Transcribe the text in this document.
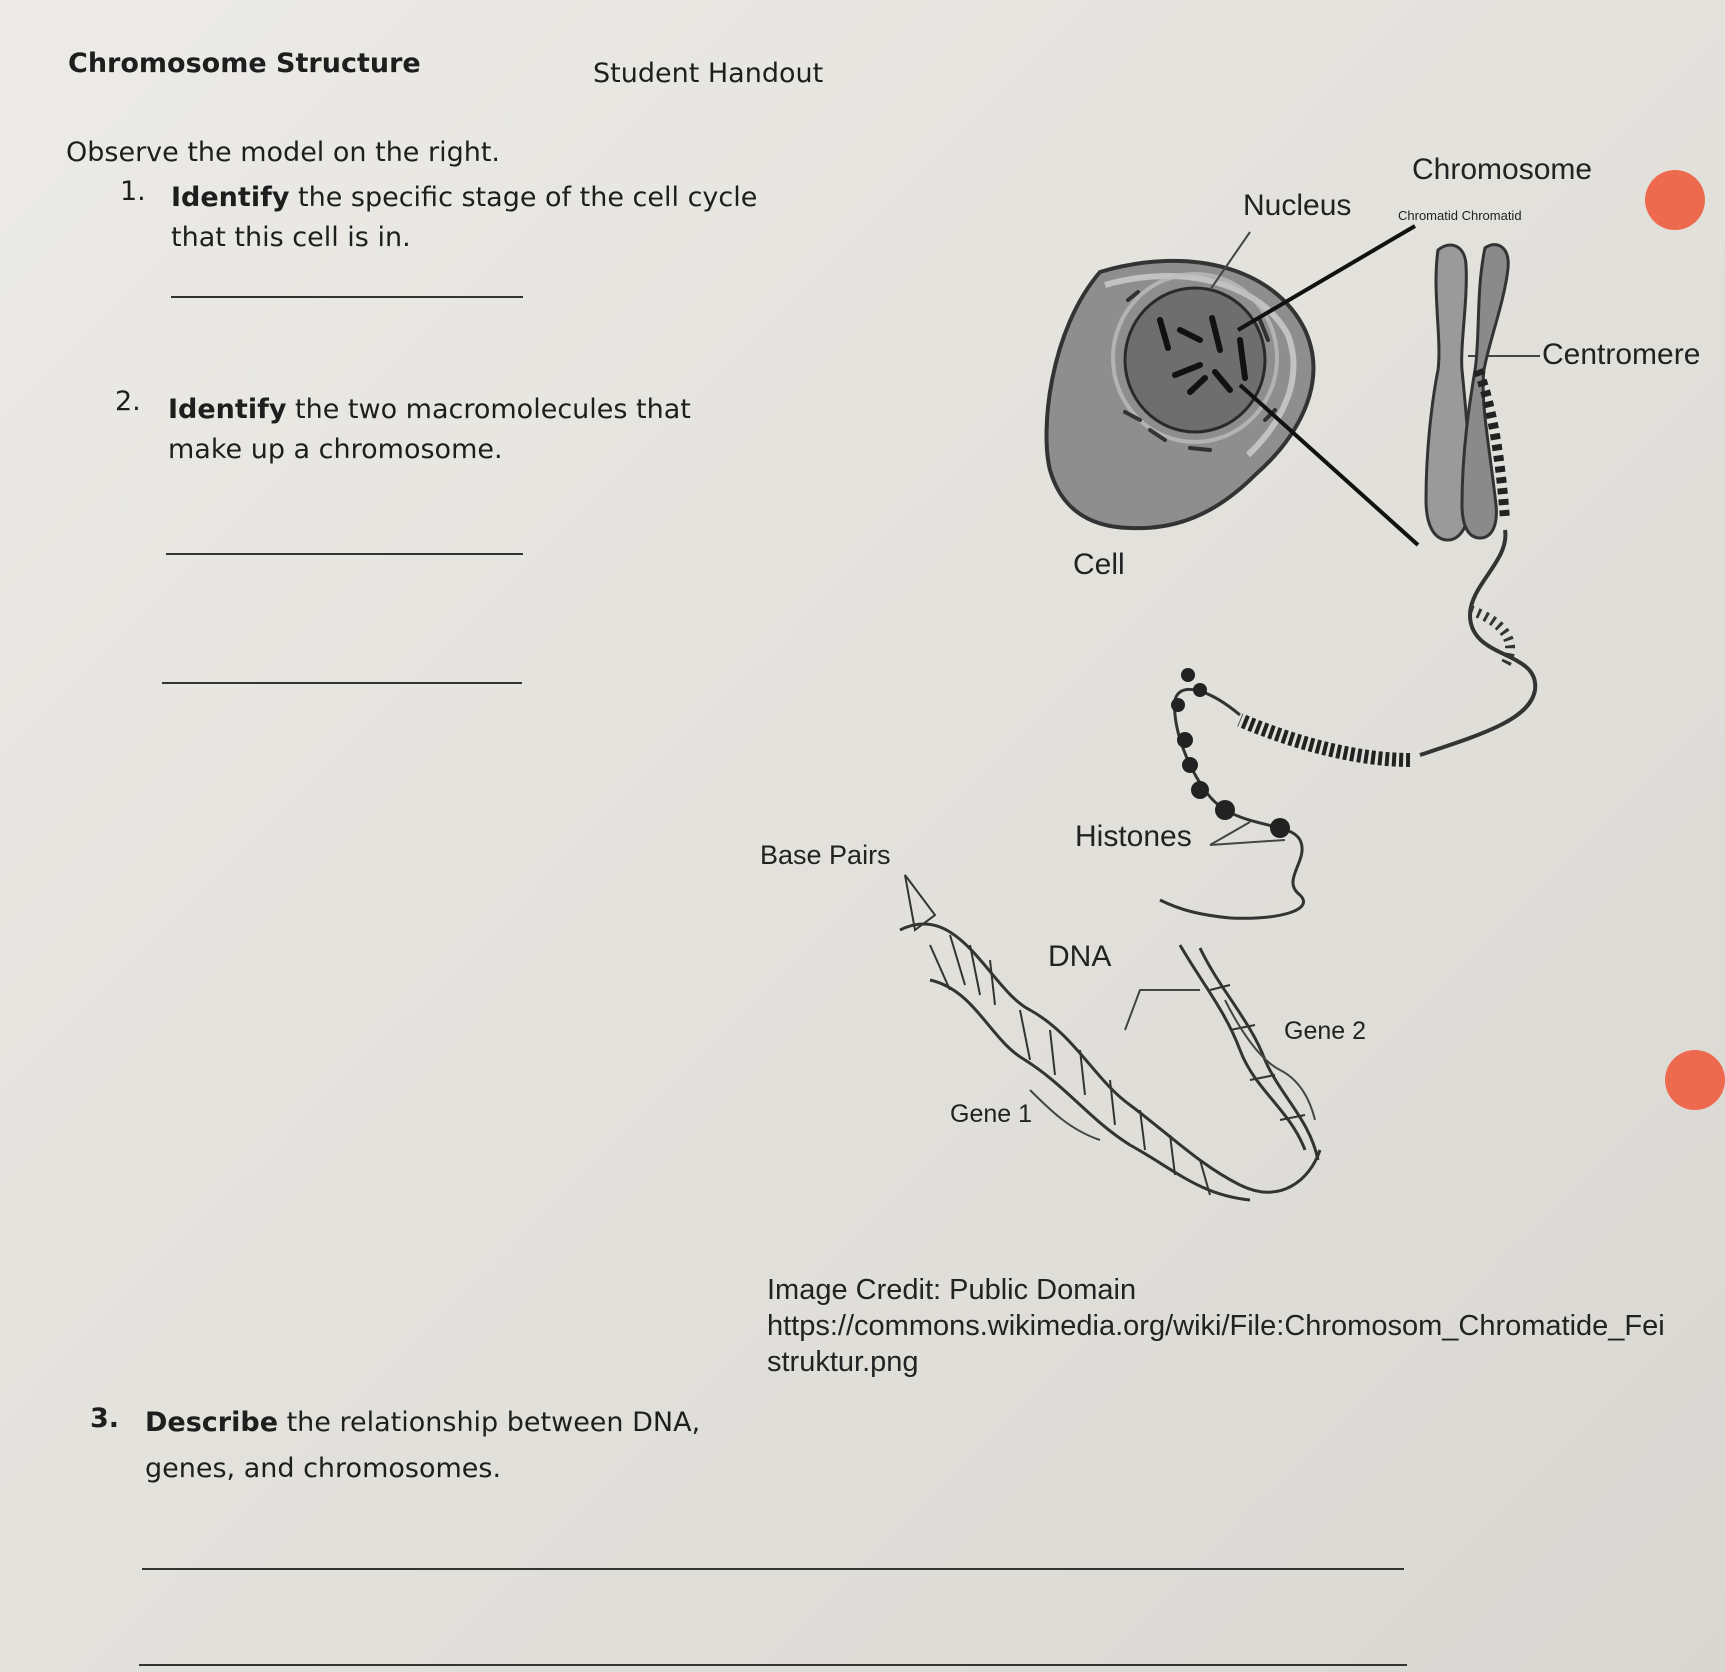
Chromosome Structure	Student Handout
Observe the model on the right.
1. Identify the specific stage of the cell cycle
that this cell is in.
2. Identify the two macromolecules that
make up a chromosome.
3. Describe the relationship between DNA,
genes, and chromosomes.
Chromosome
Chromatid Chromatid
Nucleus
Centromere
Cell
Histones
Base Pairs
DNA
Gene 2
Gene 1
Image Credit: Public Domain
https://commons.wikimedia.org/wiki/File:Chromosom_Chromatide_Fei
struktur.png
